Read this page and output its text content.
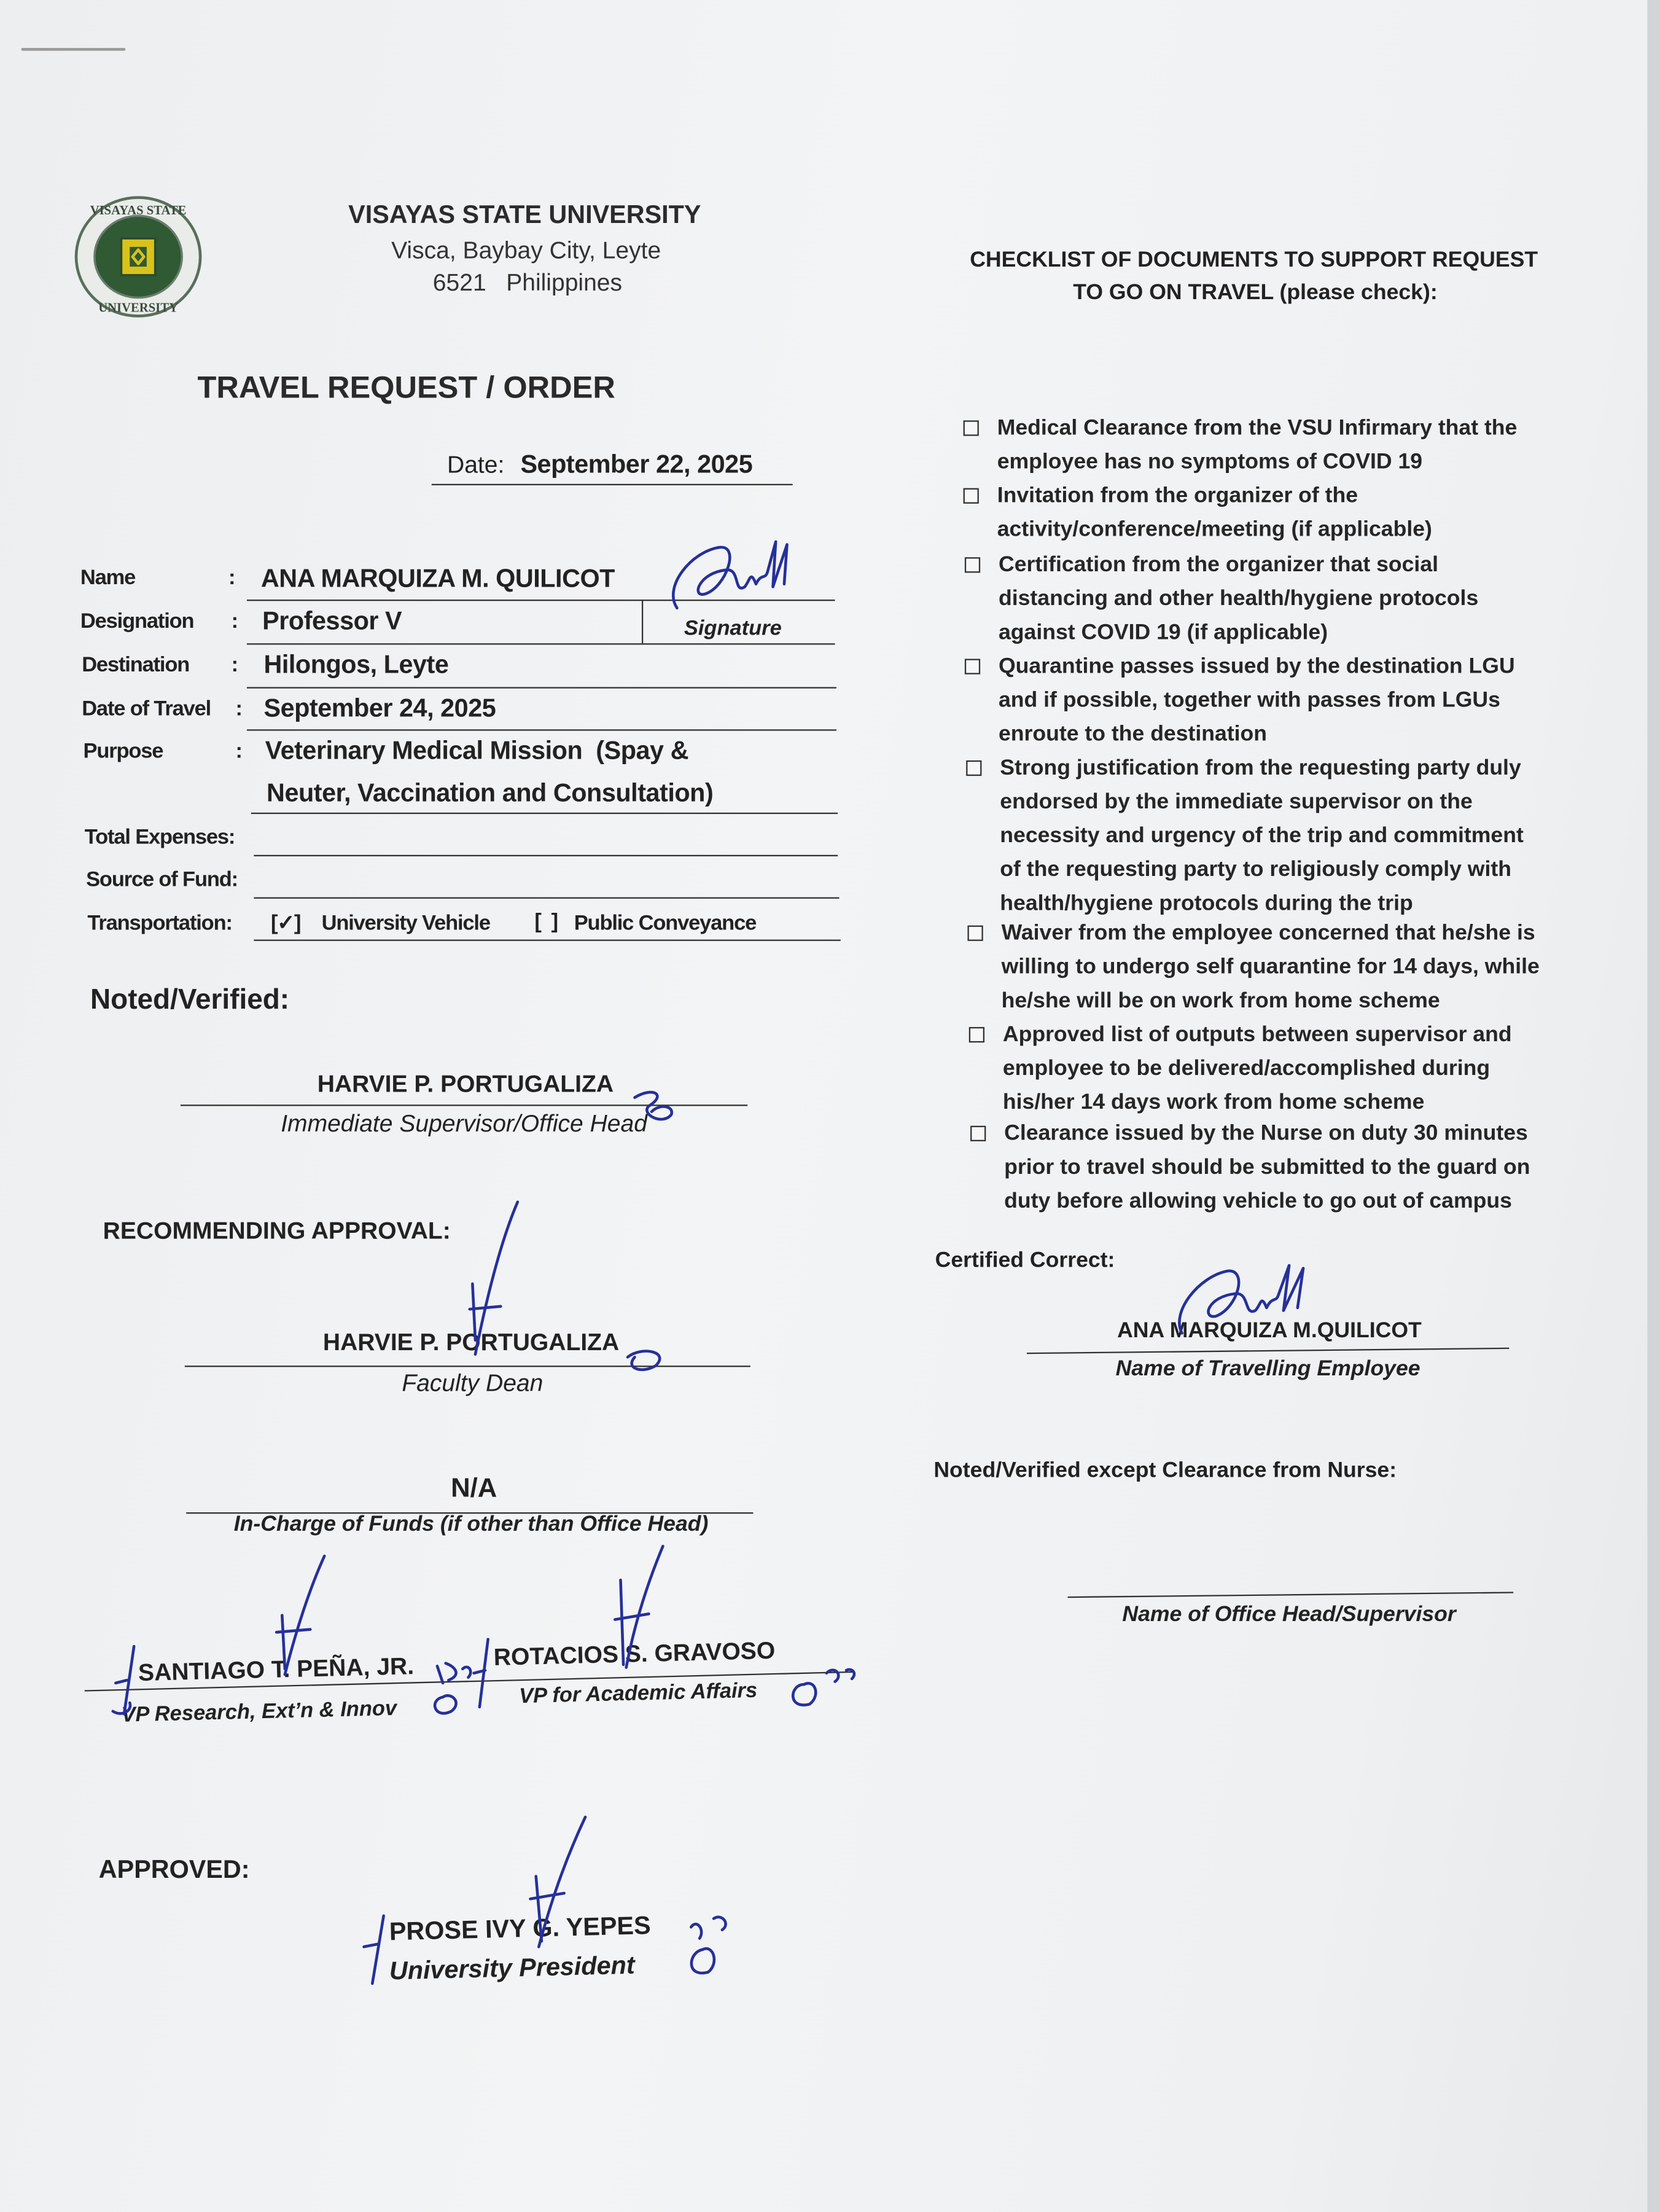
VISAYAS STATE
UNIVERSITY
VISAYAS STATE UNIVERSITY
Visca, Baybay City, Leyte
6521   Philippines
TRAVEL REQUEST / ORDER
Date: September 22, 2025
Name	: ANA MARQUIZA M. QUILICOT
Designation	: Professor V	Signature
Destination	: Hilongos, Leyte
Date of Travel	: September 24, 2025
Purpose	: Veterinary Medical Mission  (Spay &
Neuter, Vaccination and Consultation)
Total Expenses:
Source of Fund:
Transportation:	[✓] University Vehicle	[  ] Public Conveyance
Noted/Verified:
HARVIE P. PORTUGALIZA
Immediate Supervisor/Office Head
RECOMMENDING APPROVAL:
HARVIE P. PORTUGALIZA
Faculty Dean
N/A
In-Charge of Funds (if other than Office Head)
SANTIAGO T. PEÑA, JR.
VP Research, Ext’n & Innov
ROTACIOS S. GRAVOSO
VP for Academic Affairs
APPROVED:
PROSE IVY G. YEPES
University President
CHECKLIST OF DOCUMENTS TO SUPPORT REQUEST
TO GO ON TRAVEL (please check):
Medical Clearance from the VSU Infirmary that the
employee has no symptoms of COVID 19
Invitation from the organizer of the
activity/conference/meeting (if applicable)
Certification from the organizer that social
distancing and other health/hygiene protocols
against COVID 19 (if applicable)
Quarantine passes issued by the destination LGU
and if possible, together with passes from LGUs
enroute to the destination
Strong justification from the requesting party duly
endorsed by the immediate supervisor on the
necessity and urgency of the trip and commitment
of the requesting party to religiously comply with
health/hygiene protocols during the trip
Waiver from the employee concerned that he/she is
willing to undergo self quarantine for 14 days, while
he/she will be on work from home scheme
Approved list of outputs between supervisor and
employee to be delivered/accomplished during
his/her 14 days work from home scheme
Clearance issued by the Nurse on duty 30 minutes
prior to travel should be submitted to the guard on
duty before allowing vehicle to go out of campus
Certified Correct:
ANA MARQUIZA M.QUILICOT
Name of Travelling Employee
Noted/Verified except Clearance from Nurse:
Name of Office Head/Supervisor
